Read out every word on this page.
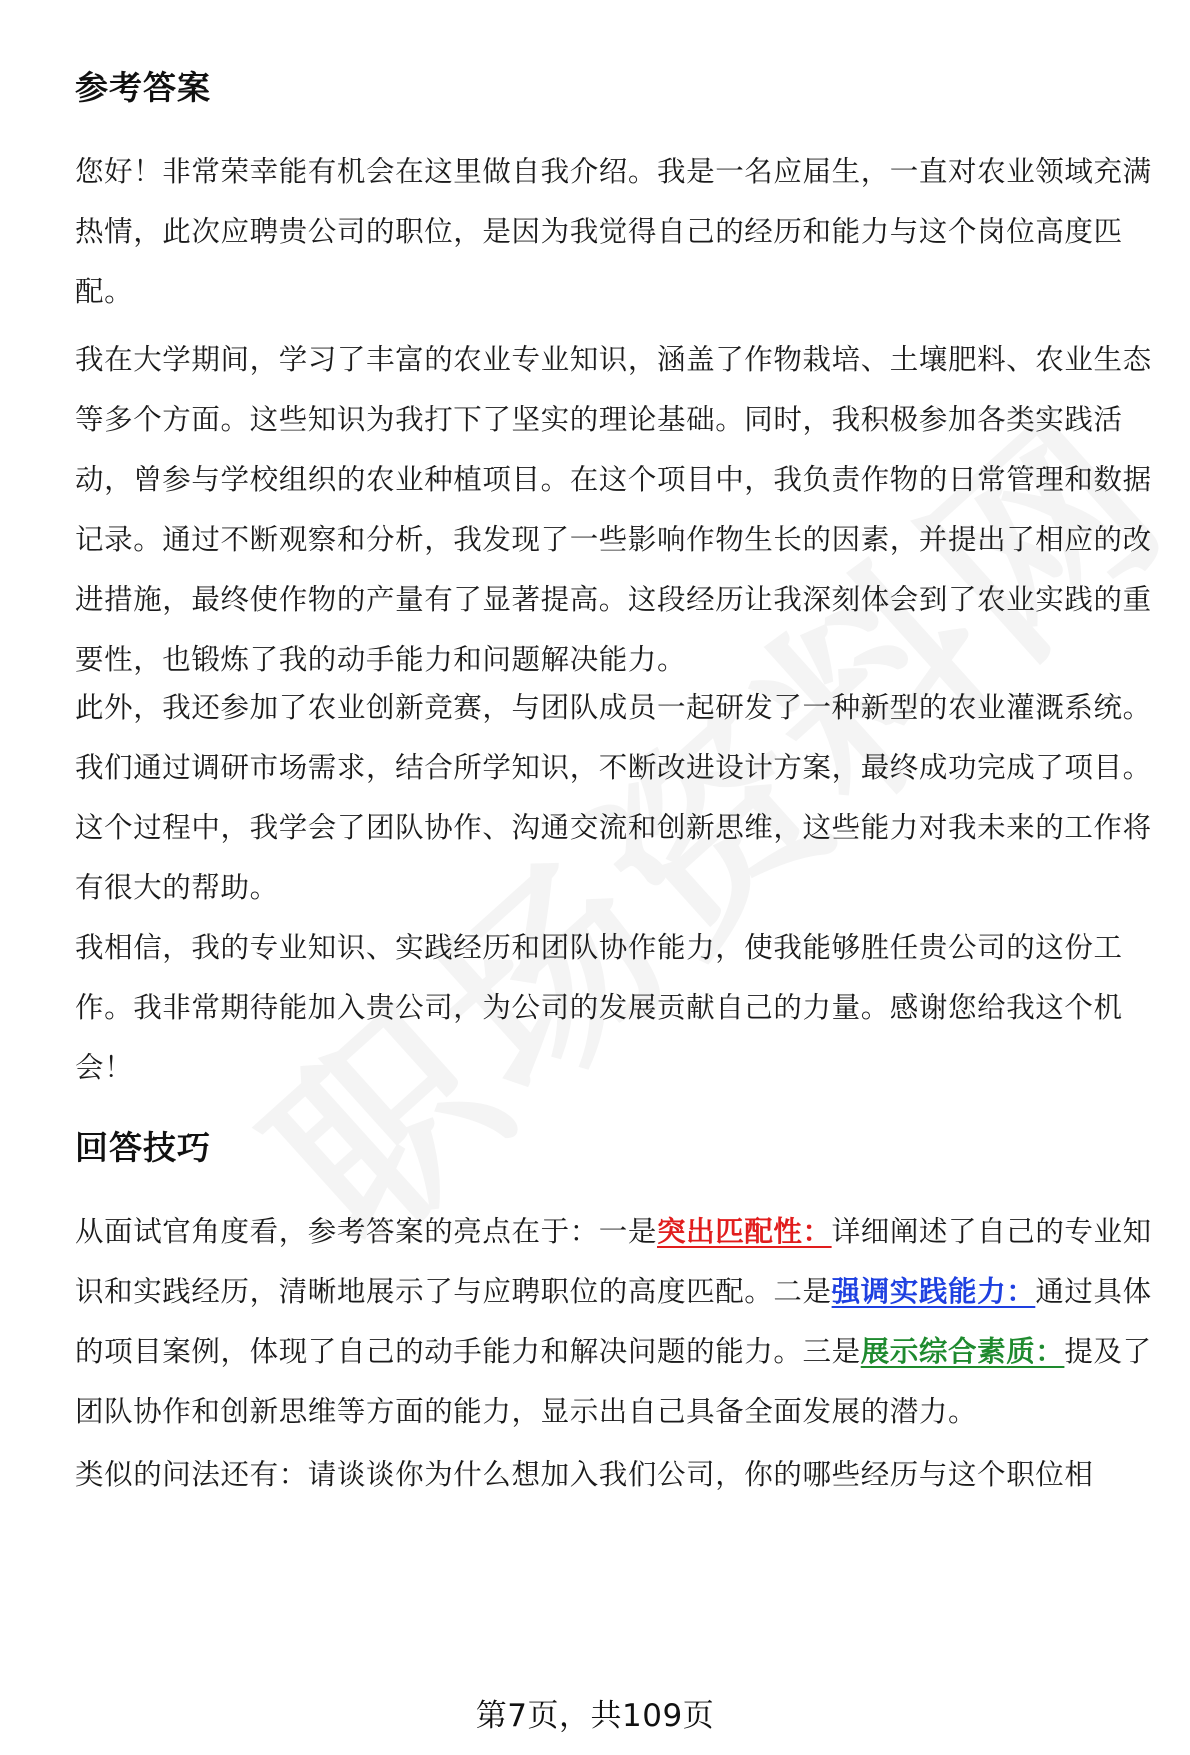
参考答案

您好！非常荣幸能有机会在这里做自我介绍。我是一名应届生，一直对农业领域充满热情，此次应聘贵公司的职位，是因为我觉得自己的经历和能力与这个岗位高度匹配。

我在大学期间，学习了丰富的农业专业知识，涵盖了作物栽培、土壤肥料、农业生态等多个方面。这些知识为我打下了坚实的理论基础。同时，我积极参加各类实践活动，曾参与学校组织的农业种植项目。在这个项目中，我负责作物的日常管理和数据记录。通过不断观察和分析，我发现了一些影响作物生长的因素，并提出了相应的改进措施，最终使作物的产量有了显著提高。这段经历让我深刻体会到了农业实践的重要性，也锻炼了我的动手能力和问题解决能力。

此外，我还参加了农业创新竞赛，与团队成员一起研发了一种新型的农业灌溉系统。我们通过调研市场需求，结合所学知识，不断改进设计方案，最终成功完成了项目。这个过程中，我学会了团队协作、沟通交流和创新思维，这些能力对我未来的工作将有很大的帮助。

我相信，我的专业知识、实践经历和团队协作能力，使我能够胜任贵公司的这份工作。我非常期待能加入贵公司，为公司的发展贡献自己的力量。感谢您给我这个机会！

回答技巧

从面试官角度看，参考答案的亮点在于：一是突出匹配性：详细阐述了自己的专业知识和实践经历，清晰地展示了与应聘职位的高度匹配。二是强调实践能力：通过具体的项目案例，体现了自己的动手能力和解决问题的能力。三是展示综合素质：提及了团队协作和创新思维等方面的能力，显示出自己具备全面发展的潜力。

类似的问法还有：请谈谈你为什么想加入我们公司，你的哪些经历与这个职位相

第7页，共109页
